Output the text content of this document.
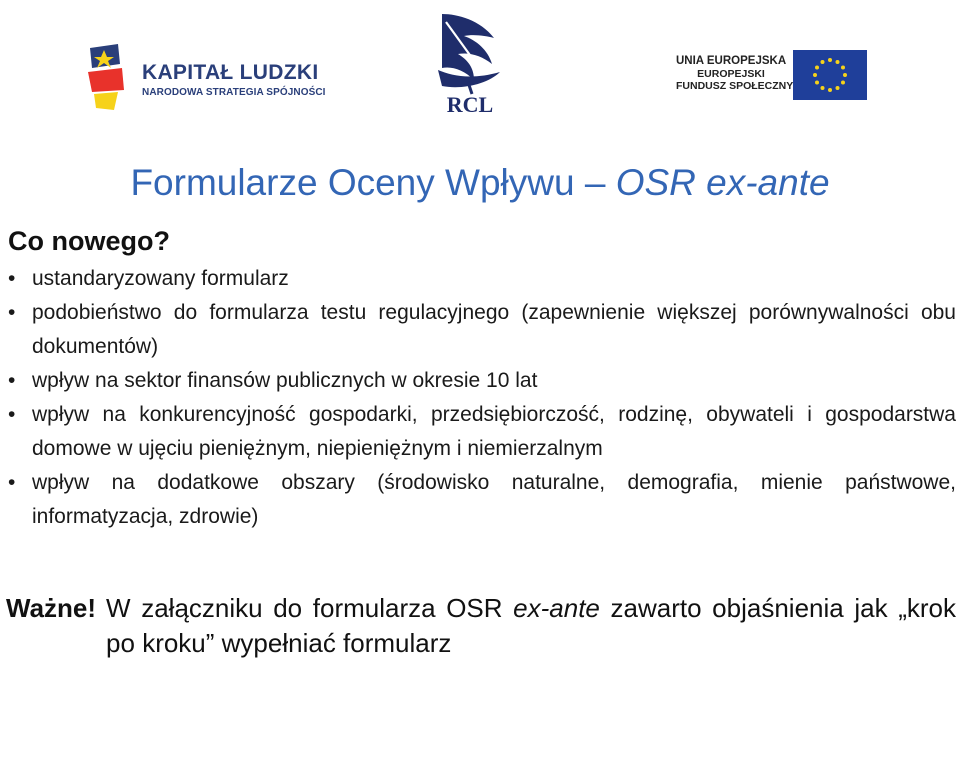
KAPITAŁ LUDZKI
NARODOWA STRATEGIA SPÓJNOŚCI	RCL
UNIA EUROPEJSKA
EUROPEJSKI
FUNDUSZ SPOŁECZNY
Formularze Oceny Wpływu – OSR ex-ante
Co nowego?
• ustandaryzowany formularz
• podobieństwo do formularza testu regulacyjnego (zapewnienie większej porównywalności obu dokumentów)
• wpływ na sektor finansów publicznych w okresie 10 lat
• wpływ na konkurencyjność gospodarki, przedsiębiorczość, rodzinę, obywateli i gospodarstwa domowe w ujęciu pieniężnym, niepieniężnym i niemierzalnym
• wpływ na dodatkowe obszary (środowisko naturalne, demografia, mienie państwowe, informatyzacja, zdrowie)
Ważne! W załączniku do formularza OSR ex-ante zawarto objaśnienia jak „krok po kroku” wypełniać formularz
